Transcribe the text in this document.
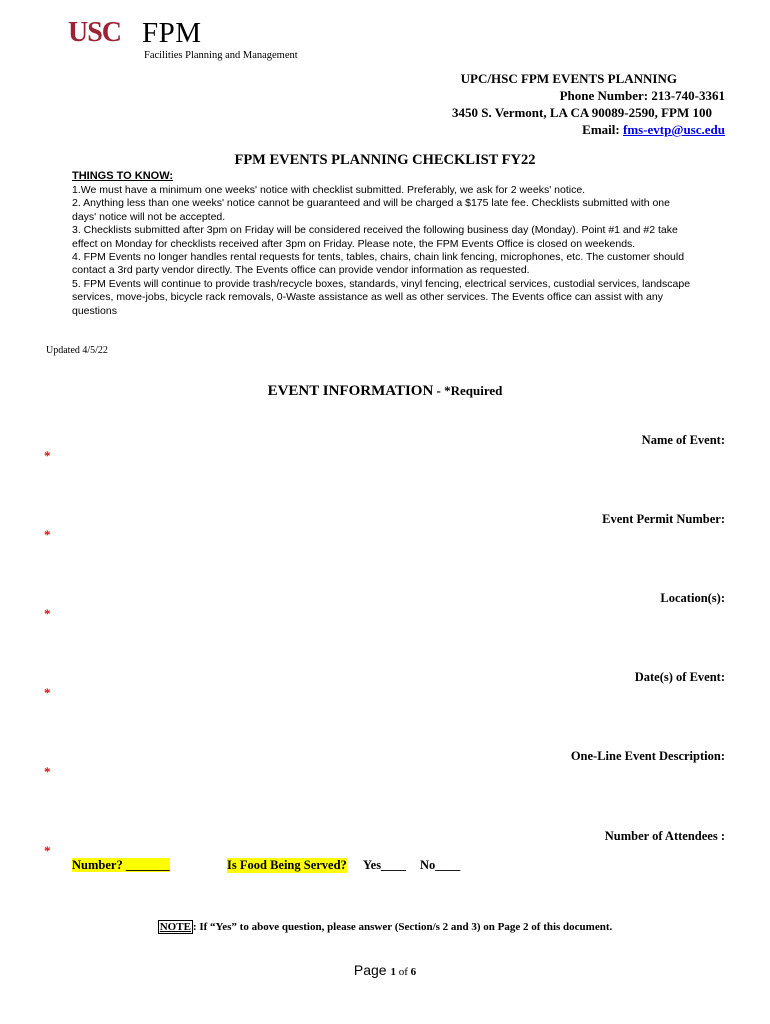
USC FPM
Facilities Planning and Management
UPC/HSC FPM EVENTS PLANNING
Phone Number: 213-740-3361
3450 S. Vermont, LA CA 90089-2590, FPM 100
Email: fms-evtp@usc.edu
FPM EVENTS PLANNING CHECKLIST FY22
THINGS TO KNOW:

1.We must have a minimum one weeks' notice with checklist submitted. Preferably, we ask for 2 weeks' notice.

2. Anything less than one weeks' notice cannot be guaranteed and will be charged a $175 late fee. Checklists submitted with one days' notice will not be accepted.

3. Checklists submitted after 3pm on Friday will be considered received the following business day (Monday). Point #1 and #2 take effect on Monday for checklists received after 3pm on Friday. Please note, the FPM Events Office is closed on weekends.

4. FPM Events no longer handles rental requests for tents, tables, chairs, chain link fencing, microphones, etc. The customer should contact a 3rd party vendor directly. The Events office can provide vendor information as requested.

5. FPM Events will continue to provide trash/recycle boxes, standards, vinyl fencing, electrical services, custodial services, landscape services, move-jobs, bicycle rack removals, 0-Waste assistance as well as other services. The Events office can assist with any questions

Updated 4/5/22
EVENT INFORMATION - *Required
Name of Event:
*
Event Permit Number:
*
Location(s):
*
Date(s) of Event:
*
One-Line Event Description:
*
Number of Attendees :
*
Number? _______	Is Food Being Served? Yes____ No____
NOTE : If “Yes” to above question, please answer (Section/s 2 and 3) on Page 2 of this document.
Page 1 of 6
